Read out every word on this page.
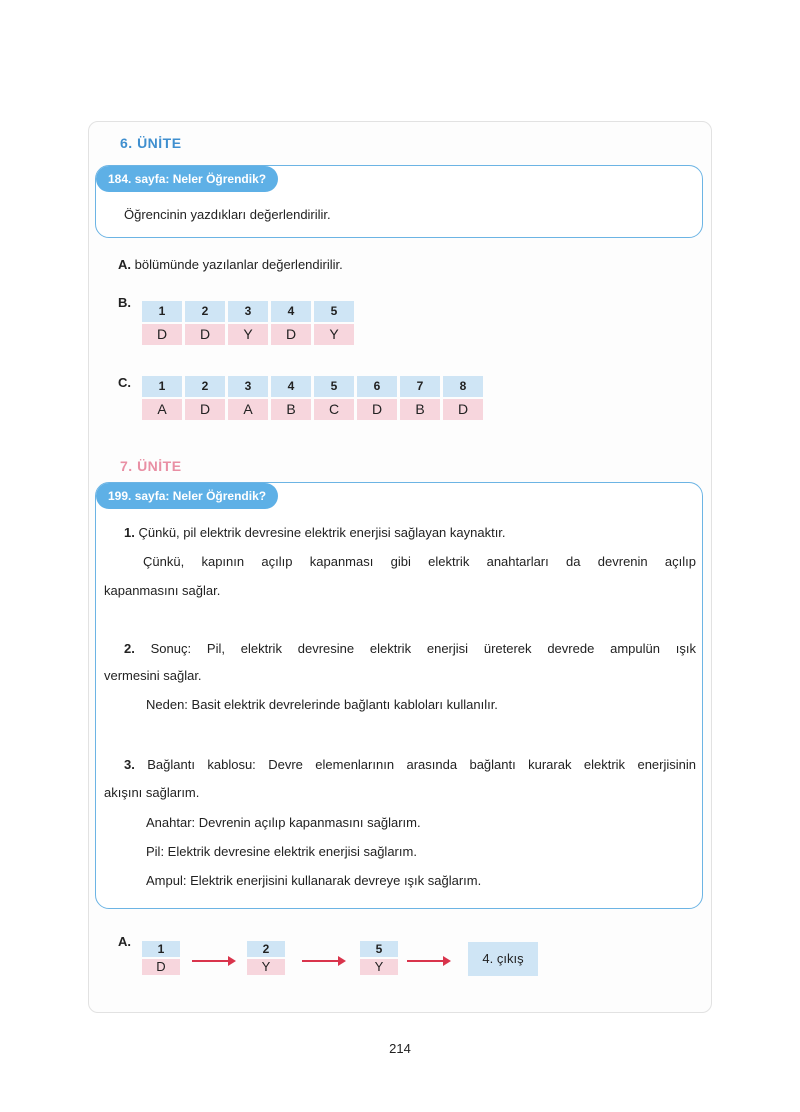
6. ÜNİTE
184. sayfa: Neler Öğrendik?
Öğrencinin yazdıkları değerlendirilir.
A. bölümünde yazılanlar değerlendirilir.
B.
1
D
2
D
3
Y
4
D
5
Y
C.	1
A
2
D
3
A
4
B
5
C
6
D
7
B
8
D
7. ÜNİTE
199. sayfa: Neler Öğrendik?
1. Çünkü, pil elektrik devresine elektrik enerjisi sağlayan kaynaktır.
Çünkü, kapının açılıp kapanması gibi elektrik anahtarları da devrenin açılıp
kapanmasını sağlar.
2. Sonuç: Pil, elektrik devresine elektrik enerjisi üreterek devrede ampulün ışık
vermesini sağlar.
Neden: Basit elektrik devrelerinde bağlantı kabloları kullanılır.
3. Bağlantı kablosu: Devre elemenlarının arasında bağlantı kurarak elektrik enerjisinin
akışını sağlarım.
Anahtar: Devrenin açılıp kapanmasını sağlarım.
Pil: Elektrik devresine elektrik enerjisi sağlarım.
Ampul: Elektrik enerjisini kullanarak devreye ışık sağlarım.
A.	1
D
2
Y
5
Y
4. çıkış
214
